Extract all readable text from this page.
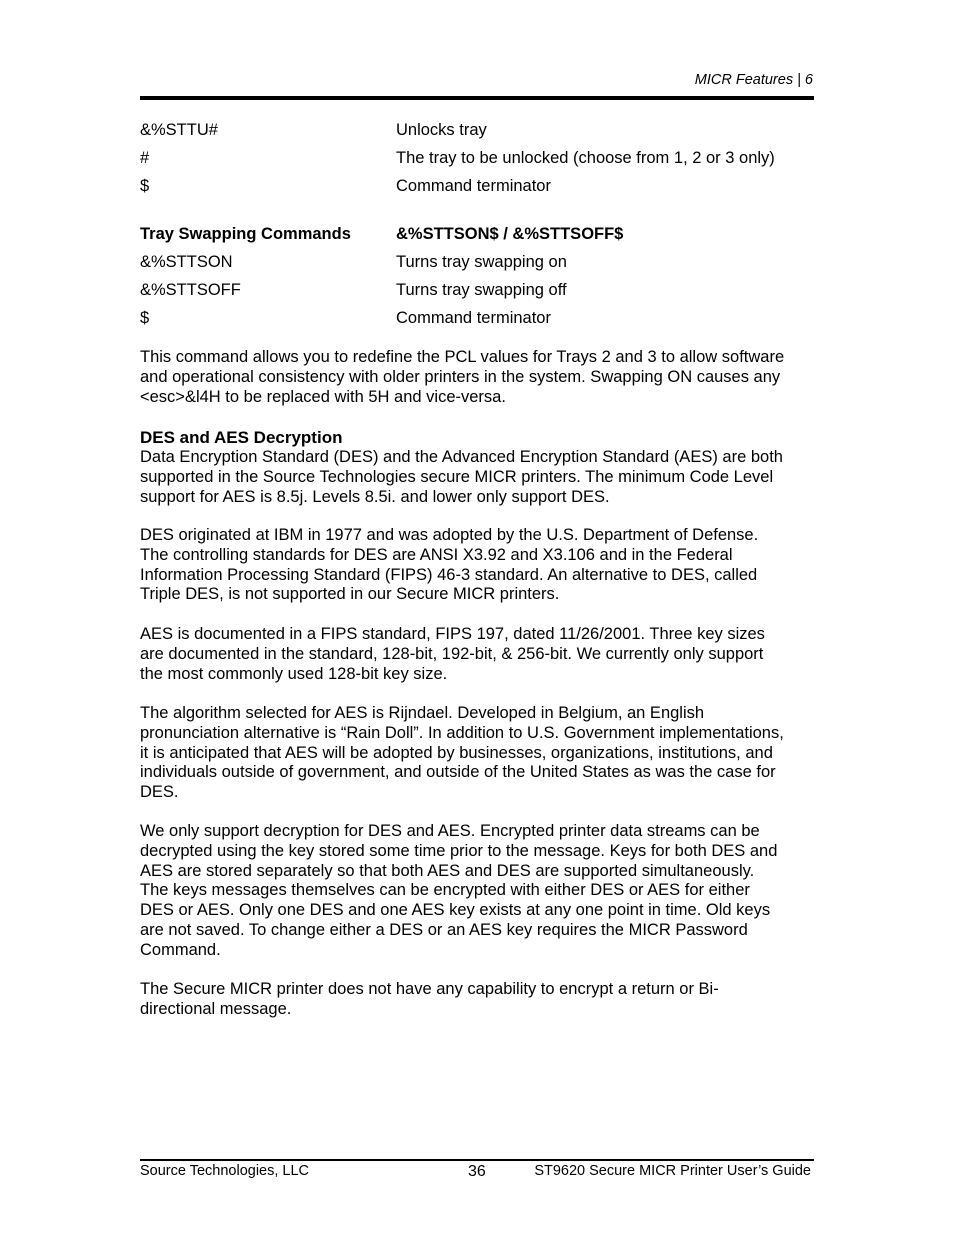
MICR Features | 6
&%STTU#	Unlocks tray
#	The tray to be unlocked (choose from 1, 2 or 3 only)
$	Command terminator
Tray Swapping Commands	&%STTSON$ / &%STTSOFF$
&%STTSON	Turns tray swapping on
&%STTSOFF	Turns tray swapping off
$	Command terminator

This command allows you to redefine the PCL values for Trays 2 and 3 to allow software
and operational consistency with older printers in the system. Swapping ON causes any
<esc>&l4H to be replaced with 5H and vice-versa.

DES and AES Decryption

Data Encryption Standard (DES) and the Advanced Encryption Standard (AES) are both
supported in the Source Technologies secure MICR printers. The minimum Code Level
support for AES is 8.5j. Levels 8.5i. and lower only support DES.

DES originated at IBM in 1977 and was adopted by the U.S. Department of Defense.
The controlling standards for DES are ANSI X3.92 and X3.106 and in the Federal
Information Processing Standard (FIPS) 46-3 standard. An alternative to DES, called
Triple DES, is not supported in our Secure MICR printers.

AES is documented in a FIPS standard, FIPS 197, dated 11/26/2001. Three key sizes
are documented in the standard, 128-bit, 192-bit, & 256-bit. We currently only support
the most commonly used 128-bit key size.

The algorithm selected for AES is Rijndael. Developed in Belgium, an English
pronunciation alternative is “Rain Doll”. In addition to U.S. Government implementations,
it is anticipated that AES will be adopted by businesses, organizations, institutions, and
individuals outside of government, and outside of the United States as was the case for
DES.

We only support decryption for DES and AES. Encrypted printer data streams can be
decrypted using the key stored some time prior to the message. Keys for both DES and
AES are stored separately so that both AES and DES are supported simultaneously.
The keys messages themselves can be encrypted with either DES or AES for either
DES or AES. Only one DES and one AES key exists at any one point in time. Old keys
are not saved. To change either a DES or an AES key requires the MICR Password
Command.

The Secure MICR printer does not have any capability to encrypt a return or Bi-
directional message.

Source Technologies, LLC	36	ST9620 Secure MICR Printer User’s Guide
